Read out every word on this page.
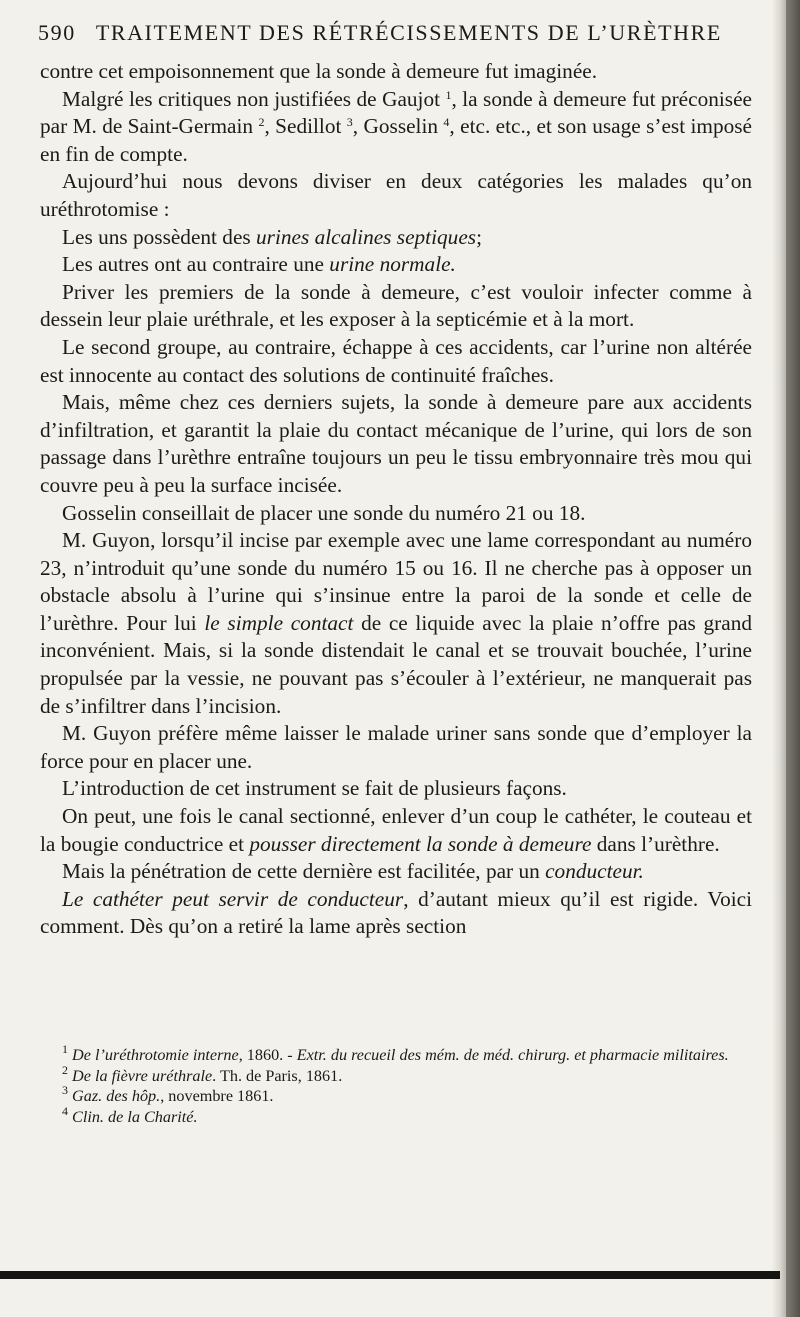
590 TRAITEMENT DES RÉTRÉCISSEMENTS DE L’URÈTHRE

contre cet empoisonnement que la sonde à demeure fut imaginée.

Malgré les critiques non justifiées de Gaujot $^1$, la sonde à demeure fut préconisée par M. de Saint-Germain $^2$, Sedillot $^3$, Gosselin $^4$, etc. etc., et son usage s’est imposé en fin de compte.

Aujourd’hui nous devons diviser en deux catégories les malades qu’on uréthrotomise :

Les uns possèdent des urines alcalines septiques;

Les autres ont au contraire une urine normale.

Priver les premiers de la sonde à demeure, c’est vouloir infecter comme à dessein leur plaie uréthrale, et les exposer à la septicémie et à la mort.

Le second groupe, au contraire, échappe à ces accidents, car l’urine non altérée est innocente au contact des solutions de continuité fraîches.

Mais, même chez ces derniers sujets, la sonde à demeure pare aux accidents d’infiltration, et garantit la plaie du contact mécanique de l’urine, qui lors de son passage dans l’urèthre entraîne toujours un peu le tissu embryonnaire très mou qui couvre peu à peu la surface incisée.

Gosselin conseillait de placer une sonde du numéro 21 ou 18.

M. Guyon, lorsqu’il incise par exemple avec une lame correspondant au numéro 23, n’introduit qu’une sonde du numéro 15 ou 16. Il ne cherche pas à opposer un obstacle absolu à l’urine qui s’insinue entre la paroi de la sonde et celle de l’urèthre. Pour lui le simple contact de ce liquide avec la plaie n’offre pas grand inconvénient. Mais, si la sonde distendait le canal et se trouvait bouchée, l’urine propulsée par la vessie, ne pouvant pas s’écouler à l’extérieur, ne manquerait pas de s’infiltrer dans l’incision.

M. Guyon préfère même laisser le malade uriner sans sonde que d’employer la force pour en placer une.

L’introduction de cet instrument se fait de plusieurs façons.

On peut, une fois le canal sectionné, enlever d’un coup le cathéter, le couteau et la bougie conductrice et pousser directement la sonde à demeure dans l’urèthre.

Mais la pénétration de cette dernière est facilitée, par un conducteur.

Le cathéter peut servir de conducteur, d’autant mieux qu’il est rigide. Voici comment. Dès qu’on a retiré la lame après section

$^1$ De l’uréthrotomie interne, 1860. - Extr. du recueil des mém. de méd. chirurg. et pharmacie militaires.

$^2$ De la fièvre uréthrale. Th. de Paris, 1861.

$^3$ Gaz. des hôp., novembre 1861.

$^4$ Clin. de la Charité.
